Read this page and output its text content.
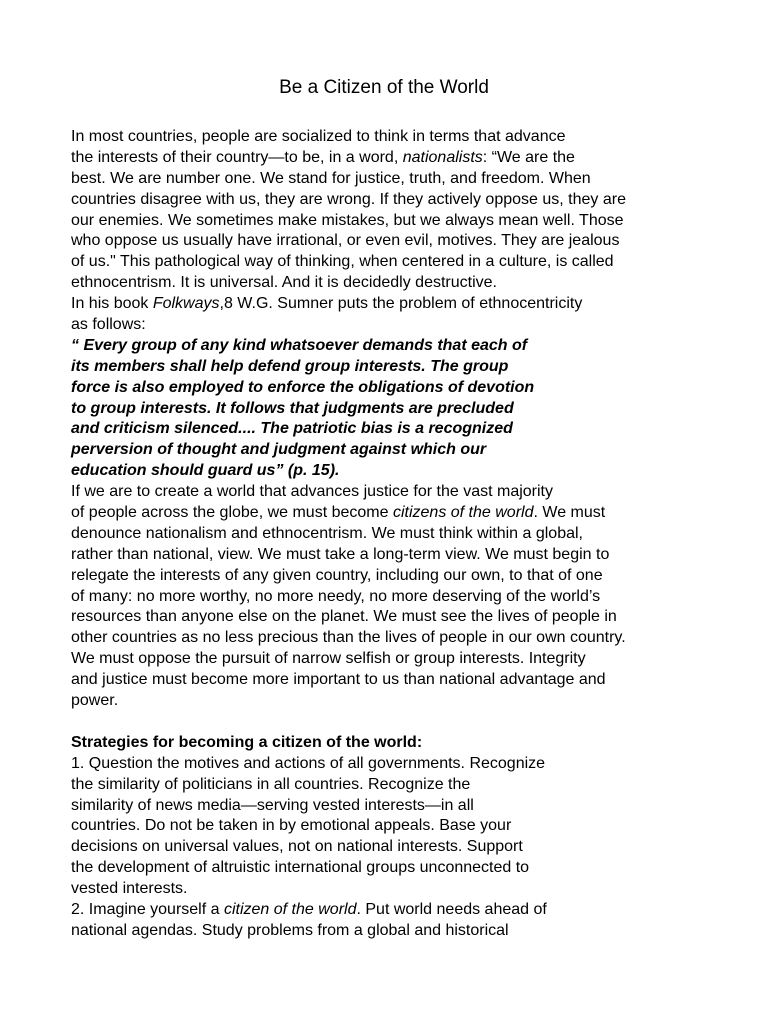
Be a Citizen of the World
In most countries, people are socialized to think in terms that advance
the interests of their country—to be, in a word, nationalists: “We are the
best. We are number one. We stand for justice, truth, and freedom. When
countries disagree with us, they are wrong. If they actively oppose us, they are
our enemies. We sometimes make mistakes, but we always mean well. Those
who oppose us usually have irrational, or even evil, motives. They are jealous
of us." This pathological way of thinking, when centered in a culture, is called
ethnocentrism. It is universal. And it is decidedly destructive.
In his book Folkways,8 W.G. Sumner puts the problem of ethnocentricity
as follows:
“ Every group of any kind whatsoever demands that each of
its members shall help defend group interests. The group
force is also employed to enforce the obligations of devotion
to group interests. It follows that judgments are precluded
and criticism silenced.... The patriotic bias is a recognized
perversion of thought and judgment against which our
education should guard us” (p. 15).
If we are to create a world that advances justice for the vast majority
of people across the globe, we must become citizens of the world. We must
denounce nationalism and ethnocentrism. We must think within a global,
rather than national, view. We must take a long-term view. We must begin to
relegate the interests of any given country, including our own, to that of one
of many: no more worthy, no more needy, no more deserving of the world’s
resources than anyone else on the planet. We must see the lives of people in
other countries as no less precious than the lives of people in our own country.
We must oppose the pursuit of narrow selfish or group interests. Integrity
and justice must become more important to us than national advantage and
power.
Strategies for becoming a citizen of the world:
1. Question the motives and actions of all governments. Recognize
the similarity of politicians in all countries. Recognize the
similarity of news media—serving vested interests—in all
countries. Do not be taken in by emotional appeals. Base your
decisions on universal values, not on national interests. Support
the development of altruistic international groups unconnected to
vested interests.
2. Imagine yourself a citizen of the world. Put world needs ahead of
national agendas. Study problems from a global and historical
